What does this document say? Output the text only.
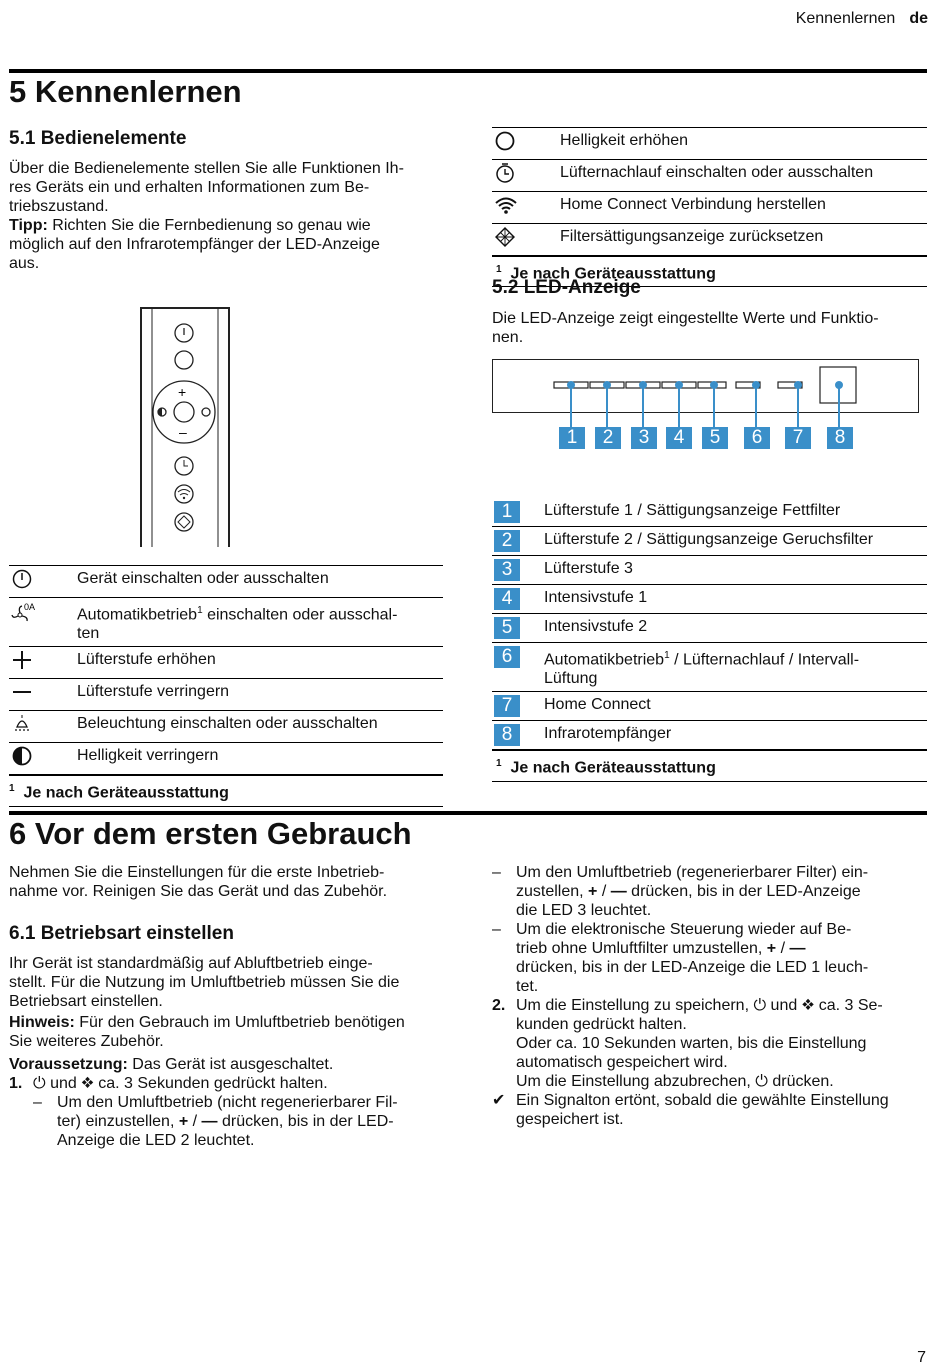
Kennenlernen de
5 Kennenlernen
5.1 Bedienelemente
Über die Bedienelemente stellen Sie alle Funktionen Ih-
res Geräts ein und erhalten Informationen zum Be-
triebszustand.
Tipp: Richten Sie die Fernbedienung so genau wie
möglich auf den Infrarotempfänger der LED-Anzeige
aus.
+
–
	Gerät einschalten oder ausschalten

0A	Automatikbetrieb$^1$ einschalten oder ausschal-
ten
	Lüfterstufe erhöhen
	Lüfterstufe verringern
	Beleuchtung einschalten oder ausschalten
	Helligkeit verringern
$^1$ Je nach Geräteausstattung	
	Helligkeit erhöhen
	Lüfternachlauf einschalten oder ausschalten
	Home Connect Verbindung herstellen
	Filtersättigungsanzeige zurücksetzen
$^1$ Je nach Geräteausstattung	
5.2 LED-Anzeige
Die LED-Anzeige zeigt eingestellte Werte und Funktio-
nen.
1	2	3	4	5	6	7	8
1	Lüfterstufe 1 / Sättigungsanzeige Fettfilter
2	Lüfterstufe 2 / Sättigungsanzeige Geruchsfilter
3	Lüfterstufe 3
4	Intensivstufe 1
5	Intensivstufe 2
6	Automatikbetrieb$^1$ / Lüfternachlauf / Intervall-
Lüftung
7	Home Connect
8	Infrarotempfänger
$^1$ Je nach Geräteausstattung	
6 Vor dem ersten Gebrauch
Nehmen Sie die Einstellungen für die erste Inbetrieb-
nahme vor. Reinigen Sie das Gerät und das Zubehör.
6.1 Betriebsart einstellen
Ihr Gerät ist standardmäßig auf Abluftbetrieb einge-
stellt. Für die Nutzung im Umluftbetrieb müssen Sie die
Betriebsart einstellen.
Hinweis: Für den Gebrauch im Umluftbetrieb benötigen
Sie weiteres Zubehör.
Voraussetzung: Das Gerät ist ausgeschaltet.
1. ⏻ und ❖ ca. 3 Sekunden gedrückt halten.
– Um den Umluftbetrieb (nicht regenerierbarer Fil-
ter) einzustellen, + / — drücken, bis in der LED-
Anzeige die LED 2 leuchtet.
– Um den Umluftbetrieb (regenerierbarer Filter) ein-
zustellen, + / — drücken, bis in der LED-Anzeige
die LED 3 leuchtet.
– Um die elektronische Steuerung wieder auf Be-
trieb ohne Umluftfilter umzustellen, + / —
drücken, bis in der LED-Anzeige die LED 1 leuch-
tet.
2. Um die Einstellung zu speichern, ⏻ und ❖ ca. 3 Se-
kunden gedrückt halten.
Oder ca. 10 Sekunden warten, bis die Einstellung
automatisch gespeichert wird.
Um die Einstellung abzubrechen, ⏻ drücken.
✔ Ein Signalton ertönt, sobald die gewählte Einstellung
gespeichert ist.
7
